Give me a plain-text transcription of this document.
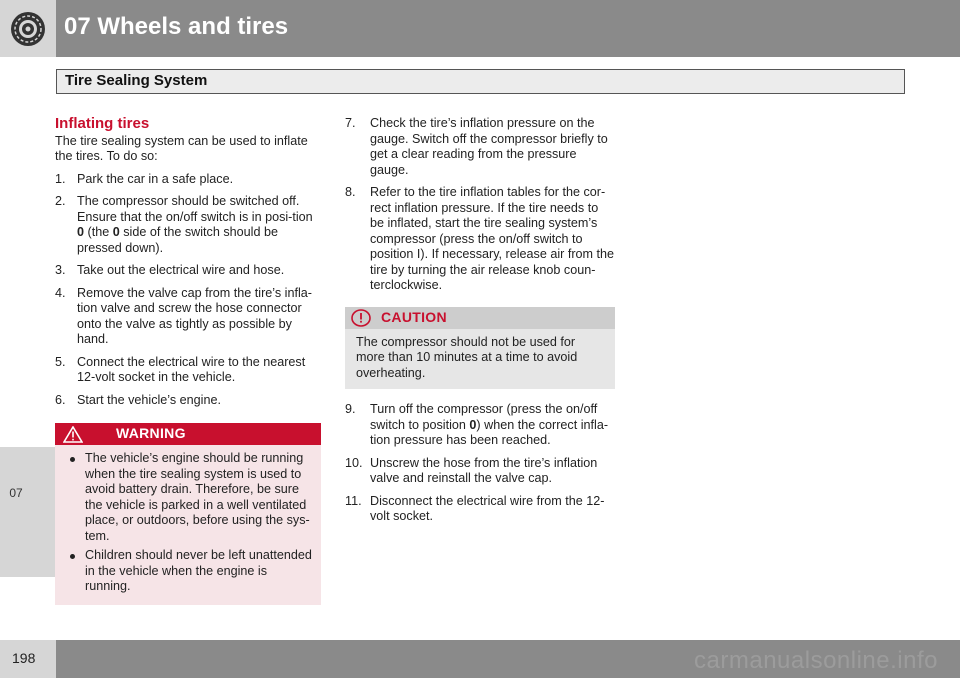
07 Wheels and tires
Tire Sealing System
07
Inflating tires

The tire sealing system can be used to inflate the tires. To do so:

1. Park the car in a safe place.
2. The compressor should be switched off. Ensure that the on/off switch is in posi-tion 0 (the 0 side of the switch should be pressed down).
3. Take out the electrical wire and hose.
4. Remove the valve cap from the tire’s infla-tion valve and screw the hose connector onto the valve as tightly as possible by hand.
5. Connect the electrical wire to the nearest 12-volt socket in the vehicle.
6. Start the vehicle’s engine.
WARNING
The vehicle’s engine should be running when the tire sealing system is used to avoid battery drain. Therefore, be sure the vehicle is parked in a well ventilated place, or outdoors, before using the sys-tem.
Children should never be left unattended in the vehicle when the engine is running.
7. Check the tire’s inflation pressure on the gauge. Switch off the compressor briefly to get a clear reading from the pressure gauge.
8. Refer to the tire inflation tables for the cor-rect inflation pressure. If the tire needs to be inflated, start the tire sealing system’s compressor (press the on/off switch to position I). If necessary, release air from the tire by turning the air release knob coun-terclockwise.
CAUTION
The compressor should not be used for more than 10 minutes at a time to avoid overheating.
9. Turn off the compressor (press the on/off switch to position 0) when the correct infla-tion pressure has been reached.
10. Unscrew the hose from the tire’s inflation valve and reinstall the valve cap.
11. Disconnect the electrical wire from the 12-volt socket.
198	carmanualsonline.info
